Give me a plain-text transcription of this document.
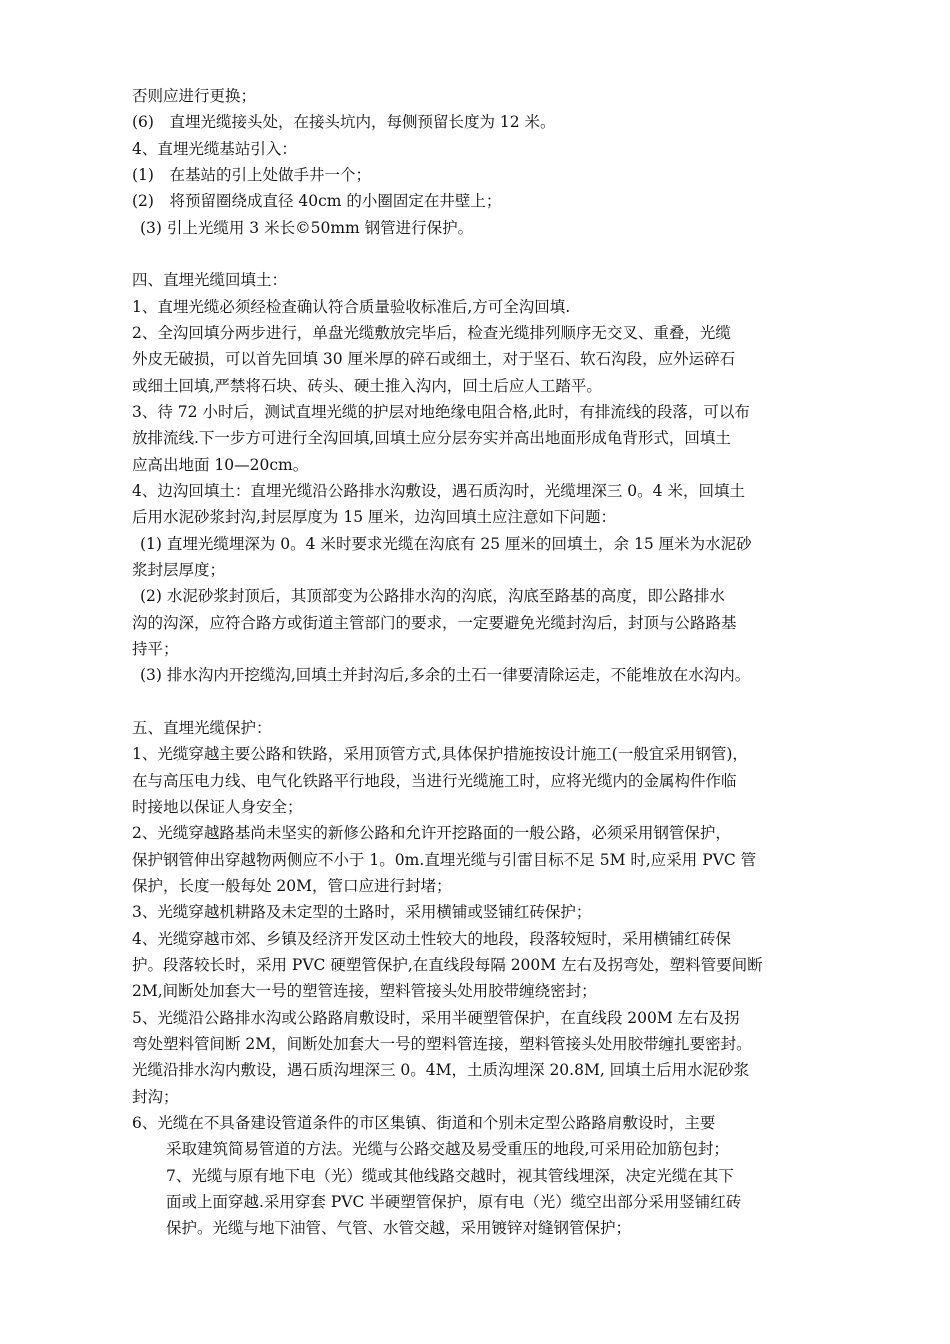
否则应进行更换；
(6)　直埋光缆接头处，在接头坑内，每侧预留长度为 12 米。
4、直埋光缆基站引入：
(1)　在基站的引上处做手井一个；
(2)　将预留圈绕成直径 40cm 的小圈固定在井壁上；
(3) 引上光缆用 3 米长©50mm 钢管进行保护。
四、直埋光缆回填土：
1、直埋光缆必须经检查确认符合质量验收标准后,方可全沟回填.
2、全沟回填分两步进行，单盘光缆敷放完毕后，检查光缆排列顺序无交叉、重叠，光缆
外皮无破损，可以首先回填 30 厘米厚的碎石或细土，对于坚石、软石沟段，应外运碎石
或细土回填,严禁将石块、砖头、硬土推入沟内，回土后应人工踏平。
3、待 72 小时后，测试直埋光缆的护层对地绝缘电阻合格,此时，有排流线的段落，可以布
放排流线.下一步方可进行全沟回填,回填土应分层夯实并高出地面形成龟背形式，回填土
应高出地面 10—20cm。
4、边沟回填土：直埋光缆沿公路排水沟敷设，遇石质沟时，光缆埋深三 0。4 米，回填土
后用水泥砂浆封沟,封层厚度为 15 厘米，边沟回填土应注意如下问题：
(1) 直埋光缆埋深为 0。4 米时要求光缆在沟底有 25 厘米的回填土，余 15 厘米为水泥砂
浆封层厚度；
(2) 水泥砂浆封顶后，其顶部变为公路排水沟的沟底，沟底至路基的高度，即公路排水
沟的沟深，应符合路方或街道主管部门的要求，一定要避免光缆封沟后，封顶与公路路基
持平；
(3) 排水沟内开挖缆沟,回填土并封沟后,多余的土石一律要清除运走，不能堆放在水沟内。
五、直埋光缆保护：
1、光缆穿越主要公路和铁路，采用顶管方式,具体保护措施按设计施工(一般宜采用钢管)，
在与高压电力线、电气化铁路平行地段，当进行光缆施工时，应将光缆内的金属构件作临
时接地以保证人身安全；
2、光缆穿越路基尚未坚实的新修公路和允许开挖路面的一般公路，必须采用钢管保护，
保护钢管伸出穿越物两侧应不小于 1。0m.直埋光缆与引雷目标不足 5M 时,应采用 PVC 管
保护，长度一般每处 20M，管口应进行封堵；
3、光缆穿越机耕路及未定型的土路时，采用横铺或竖铺红砖保护；
4、光缆穿越市郊、乡镇及经济开发区动土性较大的地段，段落较短时，采用横铺红砖保
护。段落较长时，采用 PVC 硬塑管保护,在直线段每隔 200M 左右及拐弯处，塑料管要间断
2M,间断处加套大一号的塑管连接，塑料管接头处用胶带缠绕密封；
5、光缆沿公路排水沟或公路路肩敷设时，采用半硬塑管保护，在直线段 200M 左右及拐
弯处塑料管间断 2M，间断处加套大一号的塑料管连接，塑料管接头处用胶带缠扎要密封。
光缆沿排水沟内敷设，遇石质沟埋深三 0。4M，土质沟埋深 20.8M, 回填土后用水泥砂浆
封沟；
6、光缆在不具备建设管道条件的市区集镇、街道和个别未定型公路路肩敷设时，主要
采取建筑简易管道的方法。光缆与公路交越及易受重压的地段,可采用砼加筋包封；
7、光缆与原有地下电（光）缆或其他线路交越时，视其管线埋深，决定光缆在其下
面或上面穿越.采用穿套 PVC 半硬塑管保护，原有电（光）缆空出部分采用竖铺红砖
保护。光缆与地下油管、气管、水管交越，采用镀锌对缝钢管保护；
